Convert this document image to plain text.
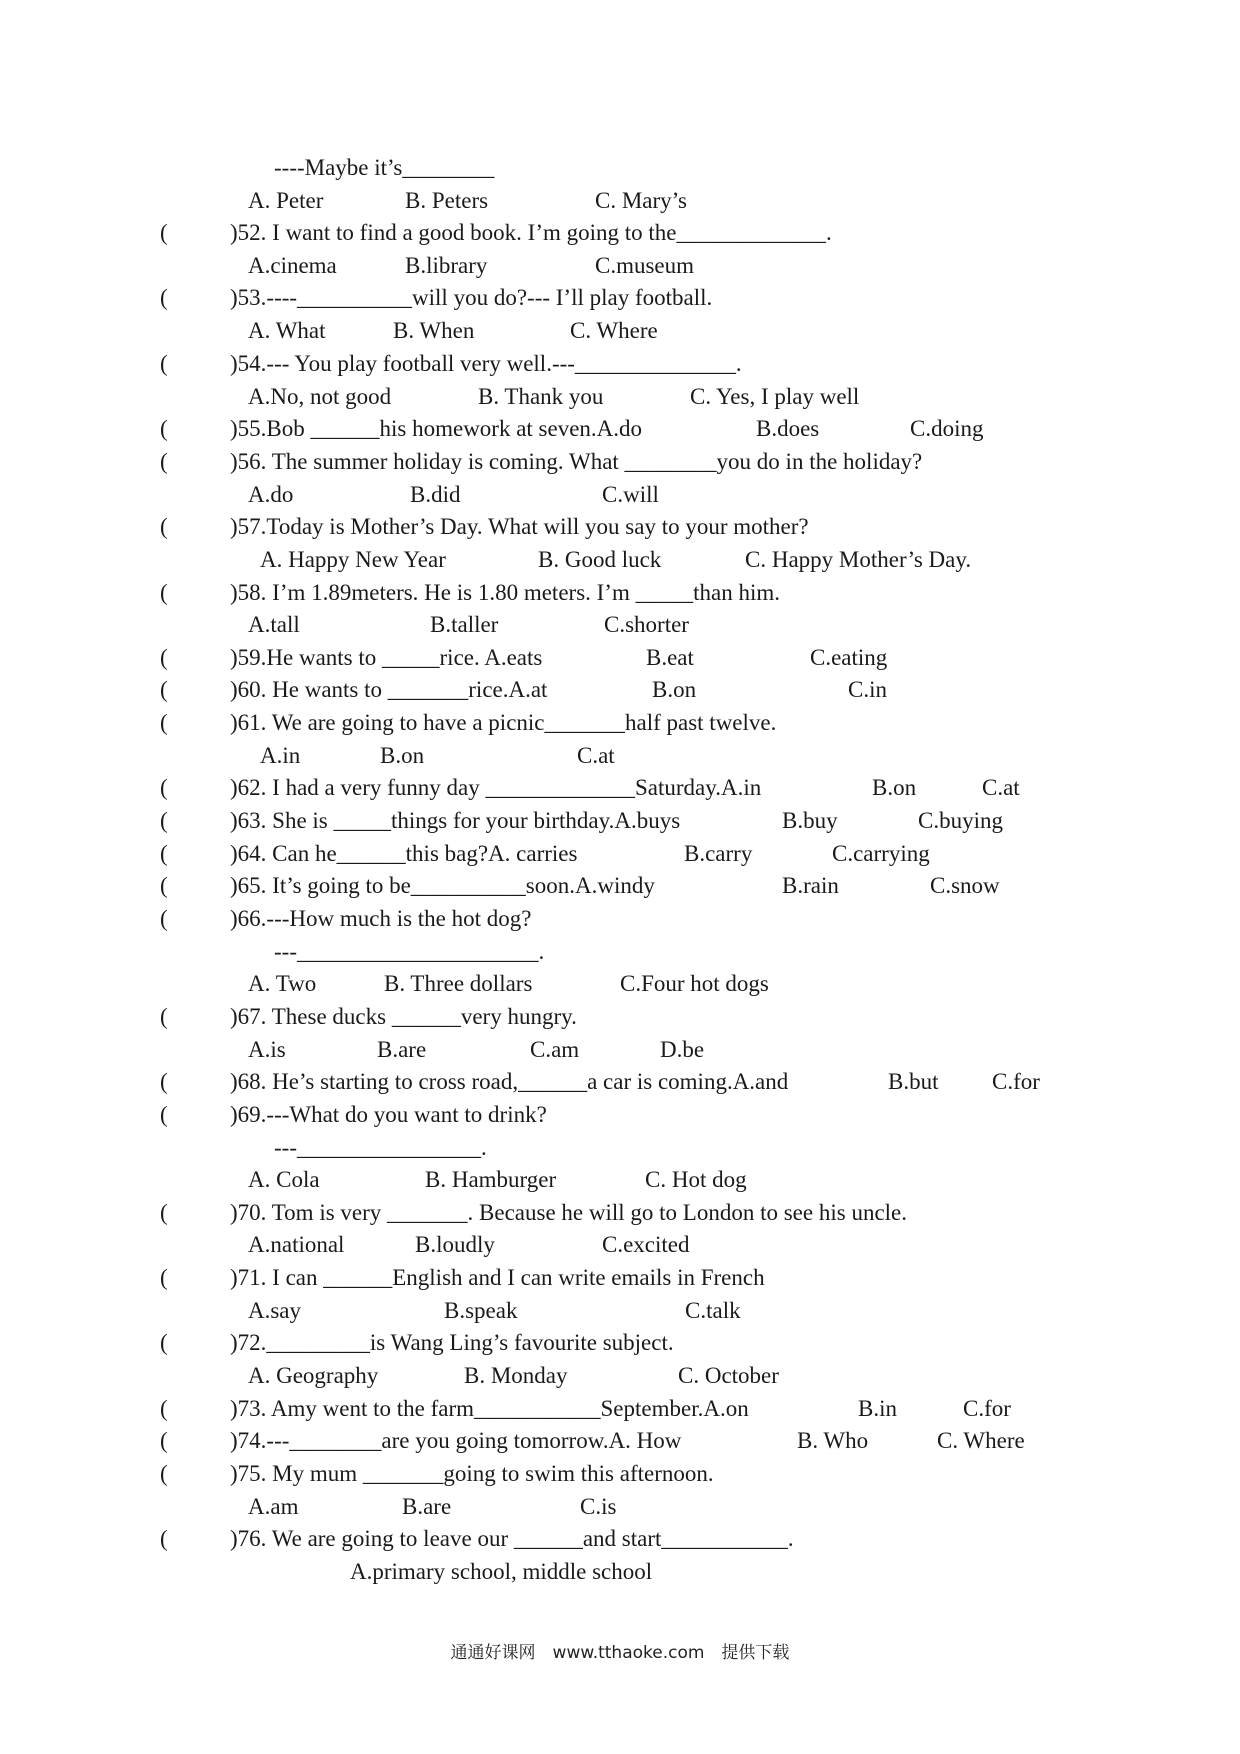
----Maybe it’s________
A. Peter	B. Peters	C. Mary’s
(	)52. I want to find a good book. I’m going to the_____________.
A.cinema	B.library	C.museum
(	)53.----__________will you do?--- I’ll play football.
A. What	B. When	C. Where
(	)54.--- You play football very well.---______________.
A.No, not good	B. Thank you	C. Yes, I play well
(	)55.Bob ______his homework at seven.A.do	B.does	C.doing
(	)56. The summer holiday is coming. What ________you do in the holiday?
A.do	B.did	C.will
(	)57.Today is Mother’s Day. What will you say to your mother?
A. Happy New Year	B. Good luck	C. Happy Mother’s Day.
(	)58. I’m 1.89meters. He is 1.80 meters. I’m _____than him.
A.tall	B.taller	C.shorter
(	)59.He wants to _____rice. A.eats	B.eat	C.eating
(	)60. He wants to _______rice.A.at	B.on	C.in
(	)61. We are going to have a picnic_______half past twelve.
A.in	B.on	C.at
(	)62. I had a very funny day _____________Saturday.A.in	B.on	C.at
(	)63. She is _____things for your birthday.A.buys	B.buy	C.buying
(	)64. Can he______this bag?A. carries	B.carry	C.carrying
(	)65. It’s going to be__________soon.A.windy	B.rain	C.snow
(	)66.---How much is the hot dog?
---_____________________.
A. Two	B. Three dollars	C.Four hot dogs
(	)67. These ducks ______very hungry.
A.is	B.are	C.am	D.be
(	)68. He’s starting to cross road,______a car is coming.A.and	B.but C.for
(	)69.---What do you want to drink?
---________________.
A. Cola	B. Hamburger	C. Hot dog
(	)70. Tom is very _______. Because he will go to London to see his uncle.
A.national	B.loudly	C.excited
(	)71. I can ______English and I can write emails in French
A.say	B.speak	C.talk
(	)72._________is Wang Ling’s favourite subject.
A. Geography	B. Monday	C. October
(	)73. Amy went to the farm___________September.A.on	B.in	C.for
(	)74.---________are you going tomorrow.A. How	B. Who	C. Where
(	)75. My mum _______going to swim this afternoon.
A.am	B.are	C.is
(	)76. We are going to leave our ______and start___________.
A.primary school, middle school
通通好课网　www.tthaoke.com　提供下载
